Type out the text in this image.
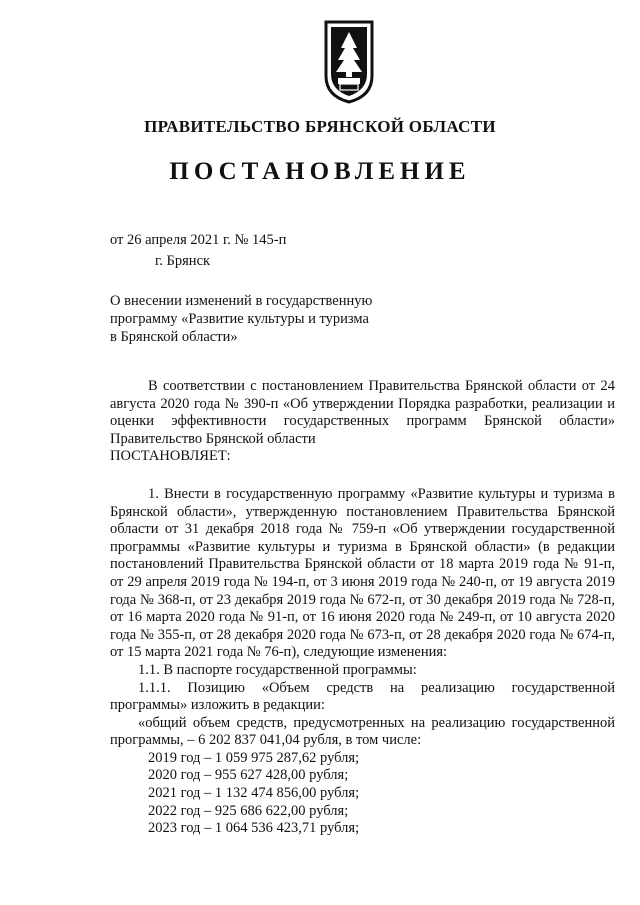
ПРАВИТЕЛЬСТВО БРЯНСКОЙ ОБЛАСТИ
ПОСТАНОВЛЕНИЕ
от 26 апреля 2021 г. № 145-п
г. Брянск

О внесении изменений в государственную

программу «Развитие культуры и туризма

в Брянской области»

В соответствии с постановлением Правительства Брянской области от 24 августа 2020 года № 390-п «Об утверждении Порядка разработки, реализации и оценки эффективности государственных программ Брянской области» Правительство Брянской области

ПОСТАНОВЛЯЕТ:

1. Внести в государственную программу «Развитие культуры и туризма в Брянской области», утвержденную постановлением Правительства Брянской области от 31 декабря 2018 года № 759-п «Об утверждении государственной программы «Развитие культуры и туризма в Брянской области» (в редакции постановлений Правительства Брянской области от 18 марта 2019 года № 91-п, от 29 апреля 2019 года № 194-п, от 3 июня 2019 года № 240-п, от 19 августа 2019 года № 368-п, от 23 декабря 2019 года № 672-п, от 30 декабря 2019 года № 728-п, от 16 марта 2020 года № 91-п, от 16 июня 2020 года № 249-п, от 10 августа 2020 года № 355-п, от 28 декабря 2020 года № 673-п, от 28 декабря 2020 года № 674-п, от 15 марта 2021 года № 76-п), следующие изменения:

1.1. В паспорте государственной программы:

1.1.1. Позицию «Объем средств на реализацию государственной программы» изложить в редакции:

«общий объем средств, предусмотренных на реализацию государственной программы, – 6 202 837 041,04 рубля, в том числе:

2019 год – 1 059 975 287,62 рубля;

2020 год – 955 627 428,00 рубля;

2021 год – 1 132 474 856,00 рубля;

2022 год – 925 686 622,00 рубля;

2023 год – 1 064 536 423,71 рубля;
